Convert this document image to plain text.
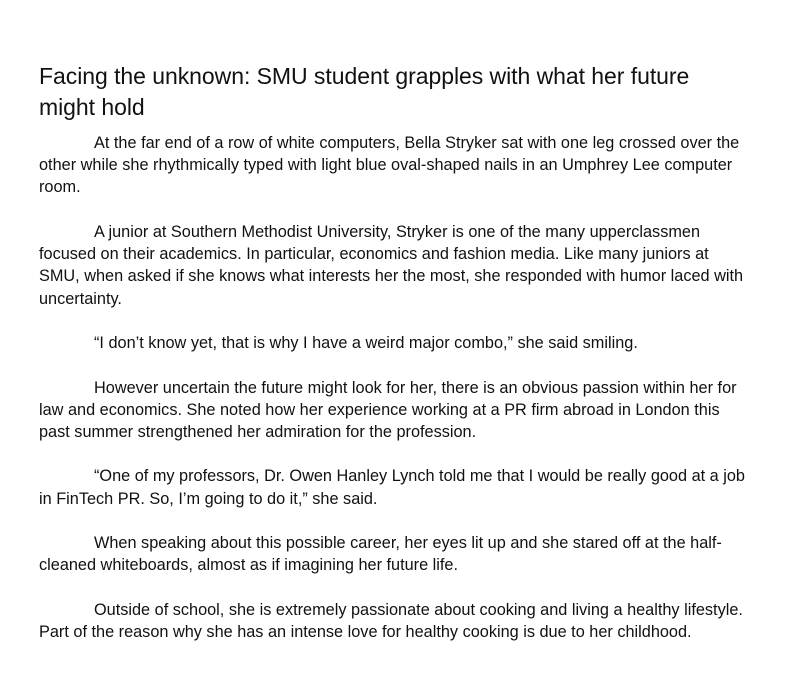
Facing the unknown: SMU student grapples with what her future might hold

At the far end of a row of white computers, Bella Stryker sat with one leg crossed over the other while she rhythmically typed with light blue oval-shaped nails in an Umphrey Lee computer room.

A junior at Southern Methodist University, Stryker is one of the many upperclassmen focused on their academics. In particular, economics and fashion media. Like many juniors at SMU, when asked if she knows what interests her the most, she responded with humor laced with uncertainty.

“I don’t know yet, that is why I have a weird major combo,” she said smiling.

However uncertain the future might look for her, there is an obvious passion within her for law and economics. She noted how her experience working at a PR firm abroad in London this past summer strengthened her admiration for the profession.

“One of my professors, Dr. Owen Hanley Lynch told me that I would be really good at a job in FinTech PR. So, I’m going to do it,” she said.

When speaking about this possible career, her eyes lit up and she stared off at the half-cleaned whiteboards, almost as if imagining her future life.

Outside of school, she is extremely passionate about cooking and living a healthy lifestyle. Part of the reason why she has an intense love for healthy cooking is due to her childhood.
